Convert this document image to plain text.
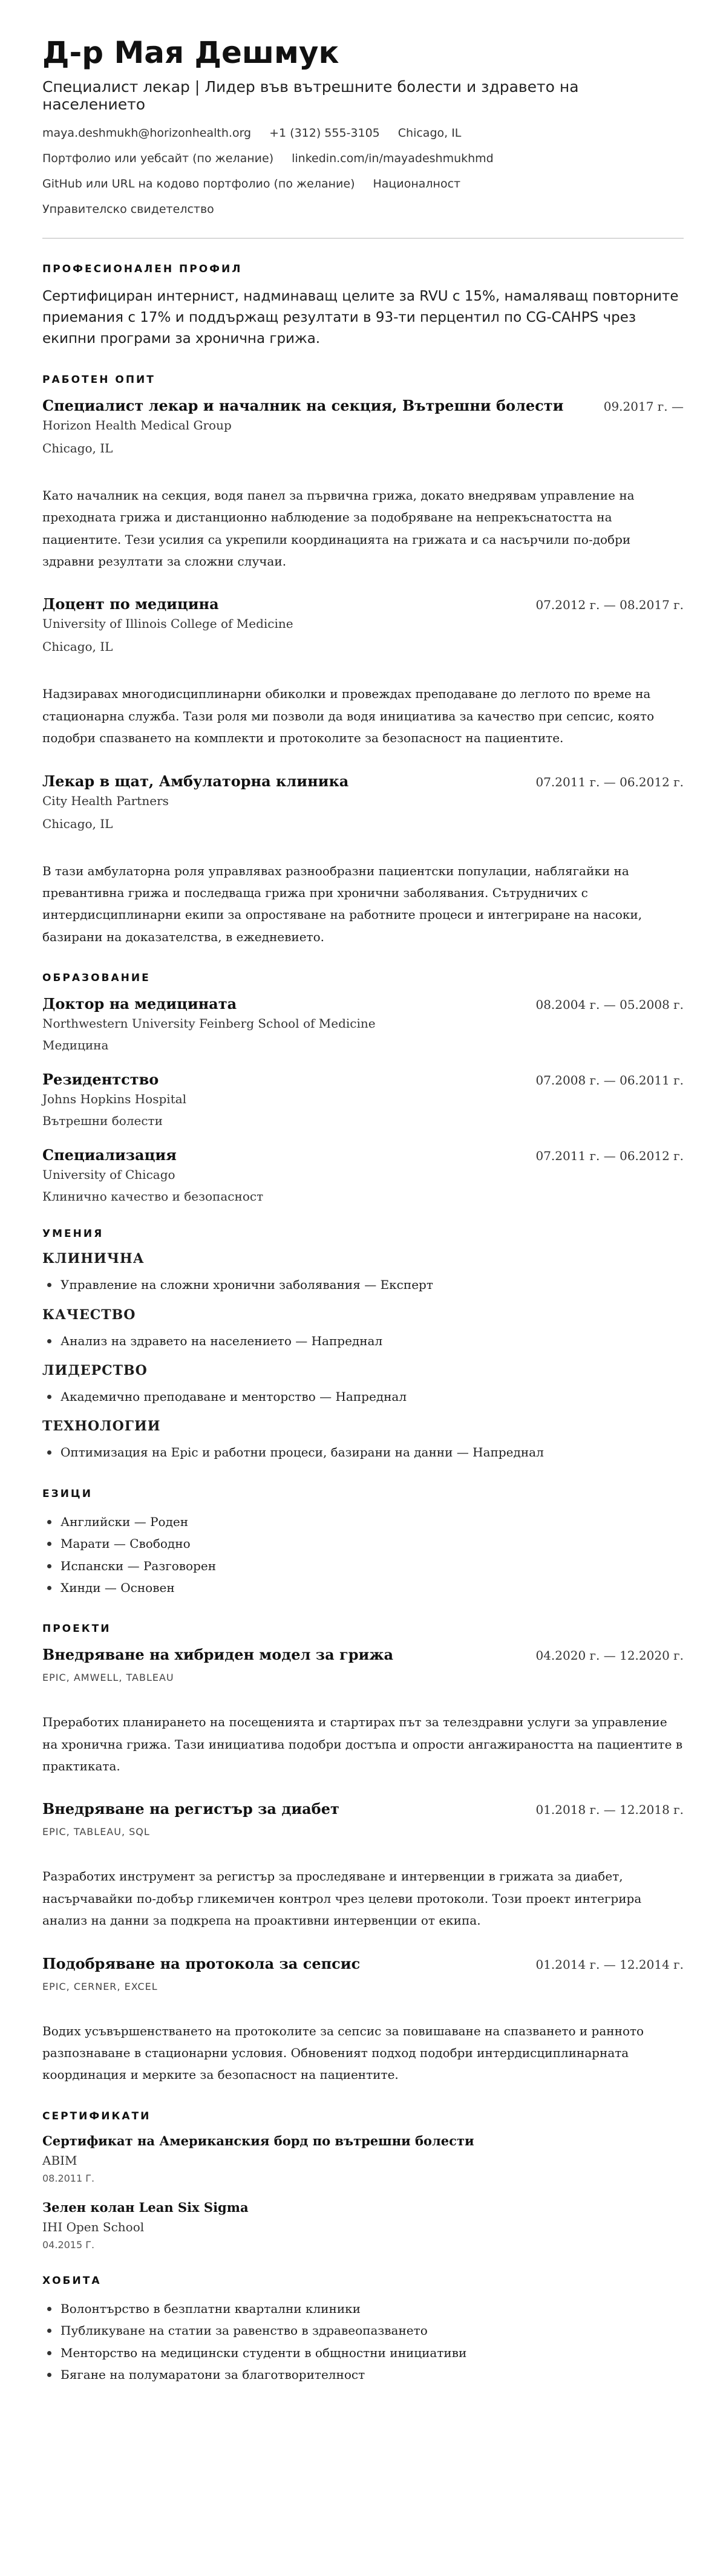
Д-р Мая Дешмук
Специалист лекар | Лидер във вътрешните болести и здравето на населението
maya.deshmukh@horizonhealth.org +1 (312) 555-3105 Chicago, IL
Портфолио или уебсайт (по желание) linkedin.com/in/mayadeshmukhmd
GitHub или URL на кодово портфолио (по желание) Националност
Управителско свидетелство
ПРОФЕСИОНАЛЕН ПРОФИЛ
Сертифициран интернист, надминаващ целите за RVU с 15%, намаляващ повторните приемания с 17% и поддържащ резултати в 93-ти перцентил по CG-CAHPS чрез екипни програми за хронична грижа.
РАБОТЕН ОПИТ
Специалист лекар и началник на секция, Вътрешни болести	09.2017 г. —
Horizon Health Medical Group
Chicago, IL
Като началник на секция, водя панел за първична грижа, докато внедрявам управление на преходната грижа и дистанционно наблюдение за подобряване на непрекъснатостта на пациентите. Тези усилия са укрепили координацията на грижата и са насърчили по-добри здравни резултати за сложни случаи.
Доцент по медицина	07.2012 г. — 08.2017 г.
University of Illinois College of Medicine
Chicago, IL
Надзиравах многодисциплинарни обиколки и провеждах преподаване до леглото по време на стационарна служба. Тази роля ми позволи да водя инициатива за качество при сепсис, която подобри спазването на комплекти и протоколите за безопасност на пациентите.
Лекар в щат, Амбулаторна клиника	07.2011 г. — 06.2012 г.
City Health Partners
Chicago, IL
В тази амбулаторна роля управлявах разнообразни пациентски популации, наблягайки на превантивна грижа и последваща грижа при хронични заболявания. Сътрудничих с интердисциплинарни екипи за опростяване на работните процеси и интегриране на насоки, базирани на доказателства, в ежедневието.
ОБРАЗОВАНИЕ
Доктор на медицината	08.2004 г. — 05.2008 г.
Northwestern University Feinberg School of Medicine
Медицина
Резидентство	07.2008 г. — 06.2011 г.
Johns Hopkins Hospital
Вътрешни болести
Специализация	07.2011 г. — 06.2012 г.
University of Chicago
Клинично качество и безопасност
УМЕНИЯ
КЛИНИЧНА
Управление на сложни хронични заболявания — Експерт
КАЧЕСТВО
Анализ на здравето на населението — Напреднал
ЛИДЕРСТВО
Академично преподаване и менторство — Напреднал
ТЕХНОЛОГИИ
Оптимизация на Epic и работни процеси, базирани на данни — Напреднал
ЕЗИЦИ
Английски — Роден
Марати — Свободно
Испански — Разговорен
Хинди — Основен
ПРОЕКТИ
Внедряване на хибриден модел за грижа	04.2020 г. — 12.2020 г.
EPIC, AMWELL, TABLEAU
Преработих планирането на посещенията и стартирах път за телездравни услуги за управление на хронична грижа. Тази инициатива подобри достъпа и опрости ангажираността на пациентите в практиката.
Внедряване на регистър за диабет	01.2018 г. — 12.2018 г.
EPIC, TABLEAU, SQL
Разработих инструмент за регистър за проследяване и интервенции в грижата за диабет, насърчавайки по-добър гликемичен контрол чрез целеви протоколи. Този проект интегрира анализ на данни за подкрепа на проактивни интервенции от екипа.
Подобряване на протокола за сепсис	01.2014 г. — 12.2014 г.
EPIC, CERNER, EXCEL
Водих усъвършенстването на протоколите за сепсис за повишаване на спазването и ранното разпознаване в стационарни условия. Обновеният подход подобри интердисциплинарната координация и мерките за безопасност на пациентите.
СЕРТИФИКАТИ
Сертификат на Американския борд по вътрешни болести
ABIM
08.2011 Г.
Зелен колан Lean Six Sigma
IHI Open School
04.2015 Г.
ХОБИТА
Волонтърство в безплатни квартални клиники
Публикуване на статии за равенство в здравеопазването
Менторство на медицински студенти в общностни инициативи
Бягане на полумаратони за благотворителност
